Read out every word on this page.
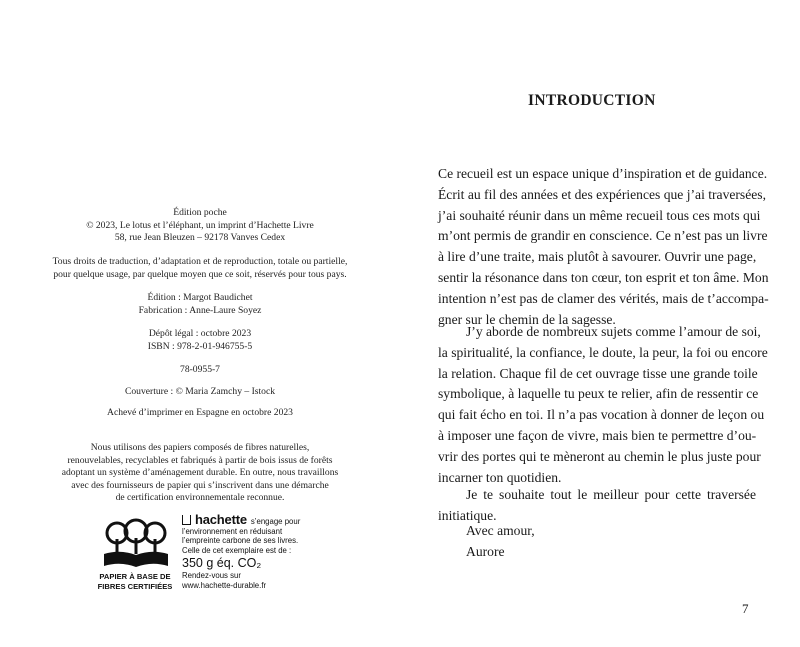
Édition poche
© 2023, Le lotus et l’éléphant, un imprint d’Hachette Livre
58, rue Jean Bleuzen – 92178 Vanves Cedex
Tous droits de traduction, d’adaptation et de reproduction, totale ou partielle,
pour quelque usage, par quelque moyen que ce soit, réservés pour tous pays.
Édition : Margot Baudichet
Fabrication : Anne-Laure Soyez
Dépôt légal : octobre 2023
ISBN : 978-2-01-946755-5
78-0955-7
Couverture : © Maria Zamchy – Istock
Achevé d’imprimer en Espagne en octobre 2023
Nous utilisons des papiers composés de fibres naturelles,
renouvelables, recyclables et fabriqués à partir de bois issus de forêts
adoptant un système d’aménagement durable. En outre, nous travaillons
avec des fournisseurs de papier qui s’inscrivent dans une démarche
de certification environnementale reconnue.
PAPIER À BASE DE
FIBRES CERTIFIÉES
hachette s’engage pour
l’environnement en réduisant
l’empreinte carbone de ses livres.
Celle de cet exemplaire est de :
350 g éq. CO₂
Rendez-vous sur
www.hachette-durable.fr
INTRODUCTION
Ce recueil est un espace unique d’inspiration et de guidance.
Écrit au fil des années et des expériences que j’ai traversées,
j’ai souhaité réunir dans un même recueil tous ces mots qui
m’ont permis de grandir en conscience. Ce n’est pas un livre
à lire d’une traite, mais plutôt à savourer. Ouvrir une page,
sentir la résonance dans ton cœur, ton esprit et ton âme. Mon
intention n’est pas de clamer des vérités, mais de t’accompa-
gner sur le chemin de la sagesse.
J’y aborde de nombreux sujets comme l’amour de soi,
la spiritualité, la confiance, le doute, la peur, la foi ou encore
la relation. Chaque fil de cet ouvrage tisse une grande toile
symbolique, à laquelle tu peux te relier, afin de ressentir ce
qui fait écho en toi. Il n’a pas vocation à donner de leçon ou
à imposer une façon de vivre, mais bien te permettre d’ou-
vrir des portes qui te mèneront au chemin le plus juste pour
incarner ton quotidien.
Je te souhaite tout le meilleur pour cette traversée
initiatique.
Avec amour,
Aurore
7
